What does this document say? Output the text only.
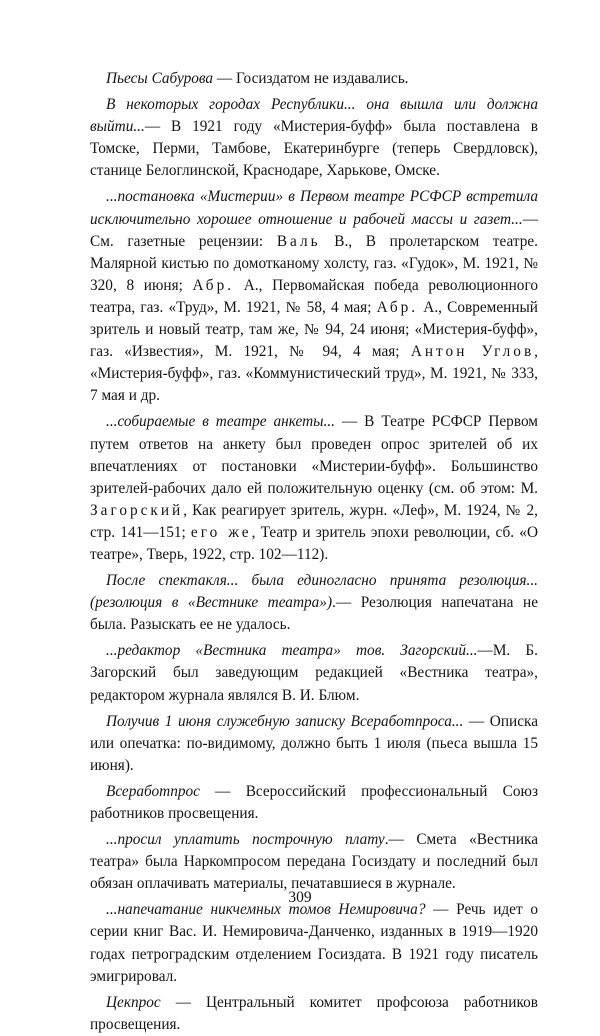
Пьесы Сабурова — Госиздатом не издавались.

В некоторых городах Республики... она вышла или должна выйти...— В 1921 году «Мистерия-буфф» была поставлена в Томске, Перми, Тамбове, Екатеринбурге (теперь Свердловск), станице Белоглинской, Краснодаре, Харькове, Омске.

...постановка «Мистерии» в Первом театре РСФСР встретила исключительно хорошее отношение и рабочей массы и газет...— См. газетные рецензии: Валь В., В пролетарском театре. Малярной кистью по домотканому холсту, газ. «Гудок», М. 1921, № 320, 8 июня; Абр. А., Первомайская победа революционного театра, газ. «Труд», М. 1921, № 58, 4 мая; Абр. А., Современный зритель и новый театр, там же, № 94, 24 июня; «Мистерия-буфф», газ. «Известия», М. 1921, № 94, 4 мая; Антон Углов, «Мистерия-буфф», газ. «Коммунистический труд», М. 1921, № 333, 7 мая и др.

...собираемые в театре анкеты... — В Театре РСФСР Первом путем ответов на анкету был проведен опрос зрителей об их впечатлениях от постановки «Мистерии-буфф». Большинство зрителей-рабочих дало ей положительную оценку (см. об этом: М. Загорский, Как реагирует зритель, журн. «Леф», М. 1924, № 2, стр. 141—151; его же, Театр и зритель эпохи революции, сб. «О театре», Тверь, 1922, стр. 102—112).

После спектакля... была единогласно принята резолюция... (резолюция в «Вестнике театра»).— Резолюция напечатана не была. Разыскать ее не удалось.

...редактор «Вестника театра» тов. Загорский...—М. Б. Загорский был заведующим редакцией «Вестника театра», редактором журнала являлся В. И. Блюм.

Получив 1 июня служебную записку Всеработпроса... — Описка или опечатка: по-видимому, должно быть 1 июля (пьеса вышла 15 июня).

Всеработпрос — Всероссийский профессиональный Союз работников просвещения.

...просил уплатить построчную плату.— Смета «Вестника театра» была Наркомпросом передана Госиздату и последний был обязан оплачивать материалы, печатавшиеся в журнале.

...напечатание никчемных томов Немировича? — Речь идет о серии книг Вас. И. Немировича-Данченко, изданных в 1919—1920 годах петроградским отделением Госиздата. В 1921 году писатель эмигрировал.

Цекпрос — Центральный комитет профсоюза работников просвещения.

309
